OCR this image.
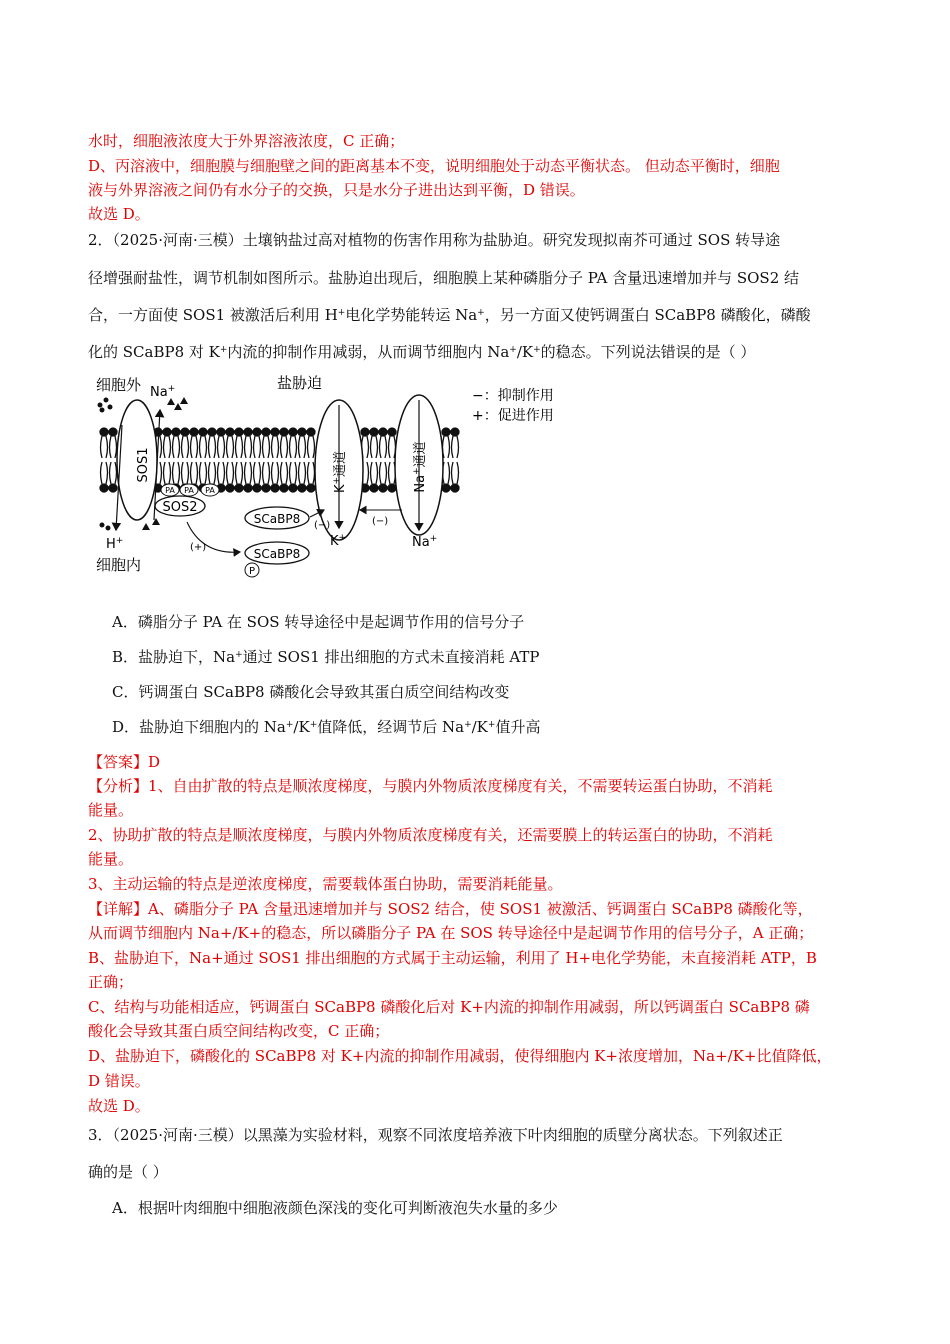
水时，细胞液浓度大于外界溶液浓度，C 正确；
D、丙溶液中，细胞膜与细胞壁之间的距离基本不变，说明细胞处于动态平衡状态。 但动态平衡时，细胞
液与外界溶液之间仍有水分子的交换，只是水分子进出达到平衡，D 错误。
故选 D。
2．（2025·河南·三模）土壤钠盐过高对植物的伤害作用称为盐胁迫。研究发现拟南芥可通过 SOS 转导途
径增强耐盐性，调节机制如图所示。盐胁迫出现后，细胞膜上某种磷脂分子 PA 含量迅速增加并与 SOS2 结
合，一方面使 SOS1 被激活后利用 H+电化学势能转运 Na+，另一方面又使钙调蛋白 SCaBP8 磷酸化，磷酸
化的 SCaBP8 对 K+内流的抑制作用减弱，从而调节细胞内 Na+/K+的稳态。下列说法错误的是（ ）
SOS1
K+通道
Na+通道
细胞外 Na+	盐胁迫
细胞内
H+
PA PA PA
SOS2
SCaBP8
SCaBP8
P
(+)
(−)	(−)
K+	Na+
−：抑制作用
+：促进作用
A．磷脂分子 PA 在 SOS 转导途径中是起调节作用的信号分子
B．盐胁迫下，Na+通过 SOS1 排出细胞的方式未直接消耗 ATP
C．钙调蛋白 SCaBP8 磷酸化会导致其蛋白质空间结构改变
D．盐胁迫下细胞内的 Na+/K+值降低，经调节后 Na+/K+值升高
【答案】D
【分析】1、自由扩散的特点是顺浓度梯度，与膜内外物质浓度梯度有关，不需要转运蛋白协助，不消耗
能量。
2、协助扩散的特点是顺浓度梯度，与膜内外物质浓度梯度有关，还需要膜上的转运蛋白的协助，不消耗
能量。
3、主动运输的特点是逆浓度梯度，需要载体蛋白协助，需要消耗能量。
【详解】A、磷脂分子 PA 含量迅速增加并与 SOS2 结合，使 SOS1 被激活、钙调蛋白 SCaBP8 磷酸化等，
从而调节细胞内 Na+/K+的稳态，所以磷脂分子 PA 在 SOS 转导途径中是起调节作用的信号分子，A 正确；
B、盐胁迫下，Na+通过 SOS1 排出细胞的方式属于主动运输，利用了 H+电化学势能，未直接消耗 ATP，B
正确；
C、结构与功能相适应，钙调蛋白 SCaBP8 磷酸化后对 K+内流的抑制作用减弱，所以钙调蛋白 SCaBP8 磷
酸化会导致其蛋白质空间结构改变，C 正确；
D、盐胁迫下，磷酸化的 SCaBP8 对 K+内流的抑制作用减弱，使得细胞内 K+浓度增加，Na+/K+比值降低，
D 错误。
故选 D。
3．（2025·河南·三模）以黑藻为实验材料，观察不同浓度培养液下叶肉细胞的质壁分离状态。下列叙述正
确的是（ ）
A．根据叶肉细胞中细胞液颜色深浅的变化可判断液泡失水量的多少
